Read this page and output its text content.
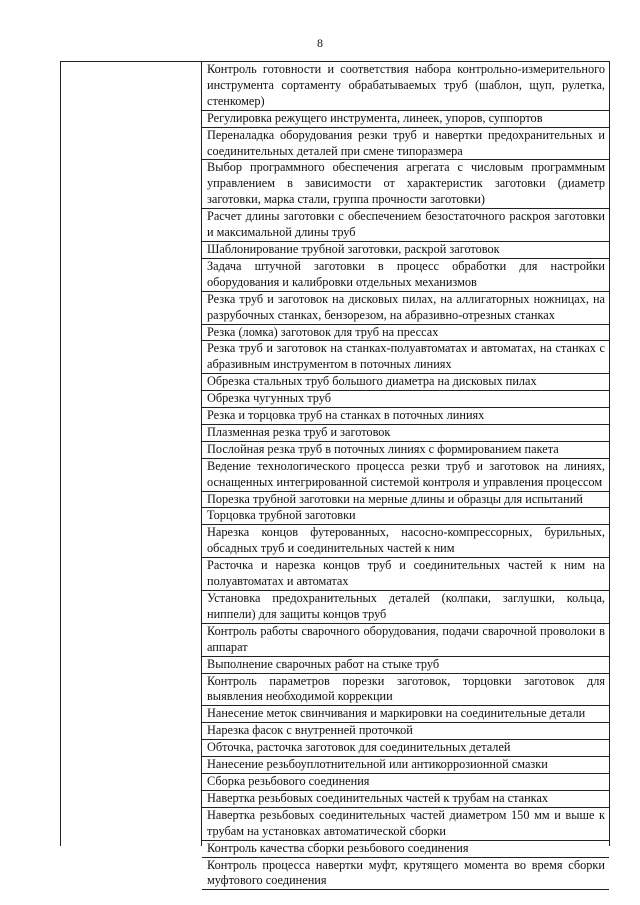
8
Контроль готовности и соответствия набора контрольно-измерительного инструмента сортаменту обрабатываемых труб (шаблон, щуп, рулетка, стенкомер)
Регулировка режущего инструмента, линеек, упоров, суппортов
Переналадка оборудования резки труб и навертки предохранительных и соединительных деталей при смене типоразмера
Выбор программного обеспечения агрегата с числовым программным управлением в зависимости от характеристик заготовки (диаметр заготовки, марка стали, группа прочности заготовки)
Расчет длины заготовки с обеспечением безостаточного раскроя заготовки и максимальной длины труб
Шаблонирование трубной заготовки, раскрой заготовок
Задача штучной заготовки в процесс обработки для настройки оборудования и калибровки отдельных механизмов
Резка труб и заготовок на дисковых пилах, на аллигаторных ножницах, на разрубочных станках, бензорезом, на абразивно-отрезных станках
Резка (ломка) заготовок для труб на прессах
Резка труб и заготовок на станках-полуавтоматах и автоматах, на станках с абразивным инструментом в поточных линиях
Обрезка стальных труб большого диаметра на дисковых пилах
Обрезка чугунных труб
Резка и торцовка труб на станках в поточных линиях
Плазменная резка труб и заготовок
Послойная резка труб в поточных линиях с формированием пакета
Ведение технологического процесса резки труб и заготовок на линиях, оснащенных интегрированной системой контроля и управления процессом
Порезка трубной заготовки на мерные длины и образцы для испытаний
Торцовка трубной заготовки
Нарезка концов футерованных, насосно-компрессорных, бурильных, обсадных труб и соединительных частей к ним
Расточка и нарезка концов труб и соединительных частей к ним на полуавтоматах и автоматах
Установка предохранительных деталей (колпаки, заглушки, кольца, ниппели) для защиты концов труб
Контроль работы сварочного оборудования, подачи сварочной проволоки в аппарат
Выполнение сварочных работ на стыке труб
Контроль параметров порезки заготовок, торцовки заготовок для выявления необходимой коррекции
Нанесение меток свинчивания и маркировки на соединительные детали
Нарезка фасок с внутренней проточкой
Обточка, расточка заготовок для соединительных деталей
Нанесение резьбоуплотнительной или антикоррозионной смазки
Сборка резьбового соединения
Навертка резьбовых соединительных частей к трубам на станках
Навертка резьбовых соединительных частей диаметром 150 мм и выше к трубам на установках автоматической сборки
Контроль качества сборки резьбового соединения
Контроль процесса навертки муфт, крутящего момента во время сборки муфтового соединения
